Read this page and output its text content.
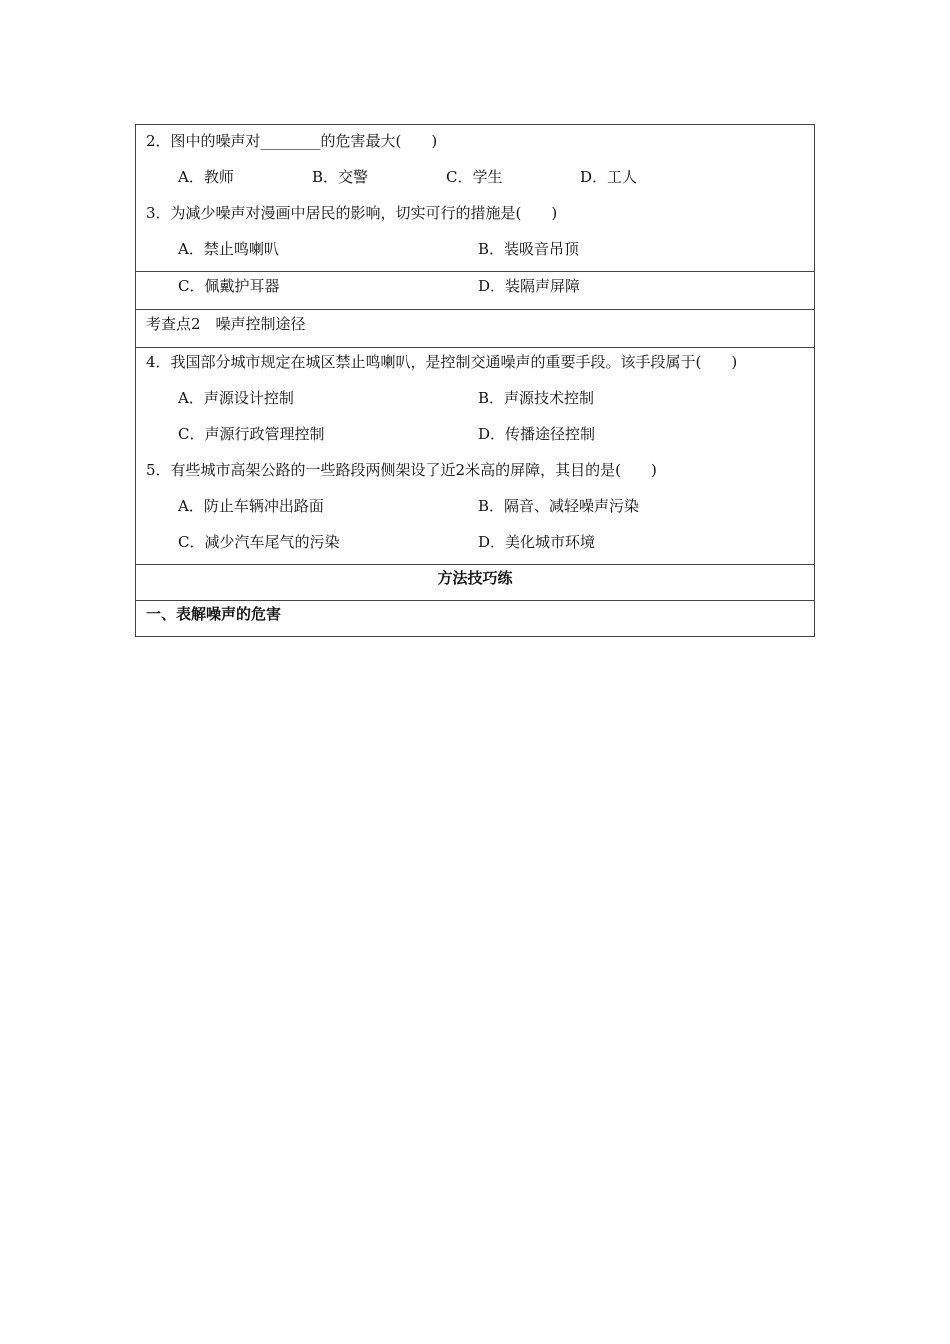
2．图中的噪声对________的危害最大(　　)
A．教师	B．交警	C．学生	D．工人
3．为减少噪声对漫画中居民的影响，切实可行的措施是(　　)
A．禁止鸣喇叭	B．装吸音吊顶
C．佩戴护耳器	D．装隔声屏障
考查点2　噪声控制途径
4．我国部分城市规定在城区禁止鸣喇叭，是控制交通噪声的重要手段。该手段属于(　　)
A．声源设计控制	B．声源技术控制
C．声源行政管理控制	D．传播途径控制
5．有些城市高架公路的一些路段两侧架设了近2米高的屏障，其目的是(　　)
A．防止车辆冲出路面	B．隔音、减轻噪声污染
C．减少汽车尾气的污染	D．美化城市环境
方法技巧练
一、表解噪声的危害
